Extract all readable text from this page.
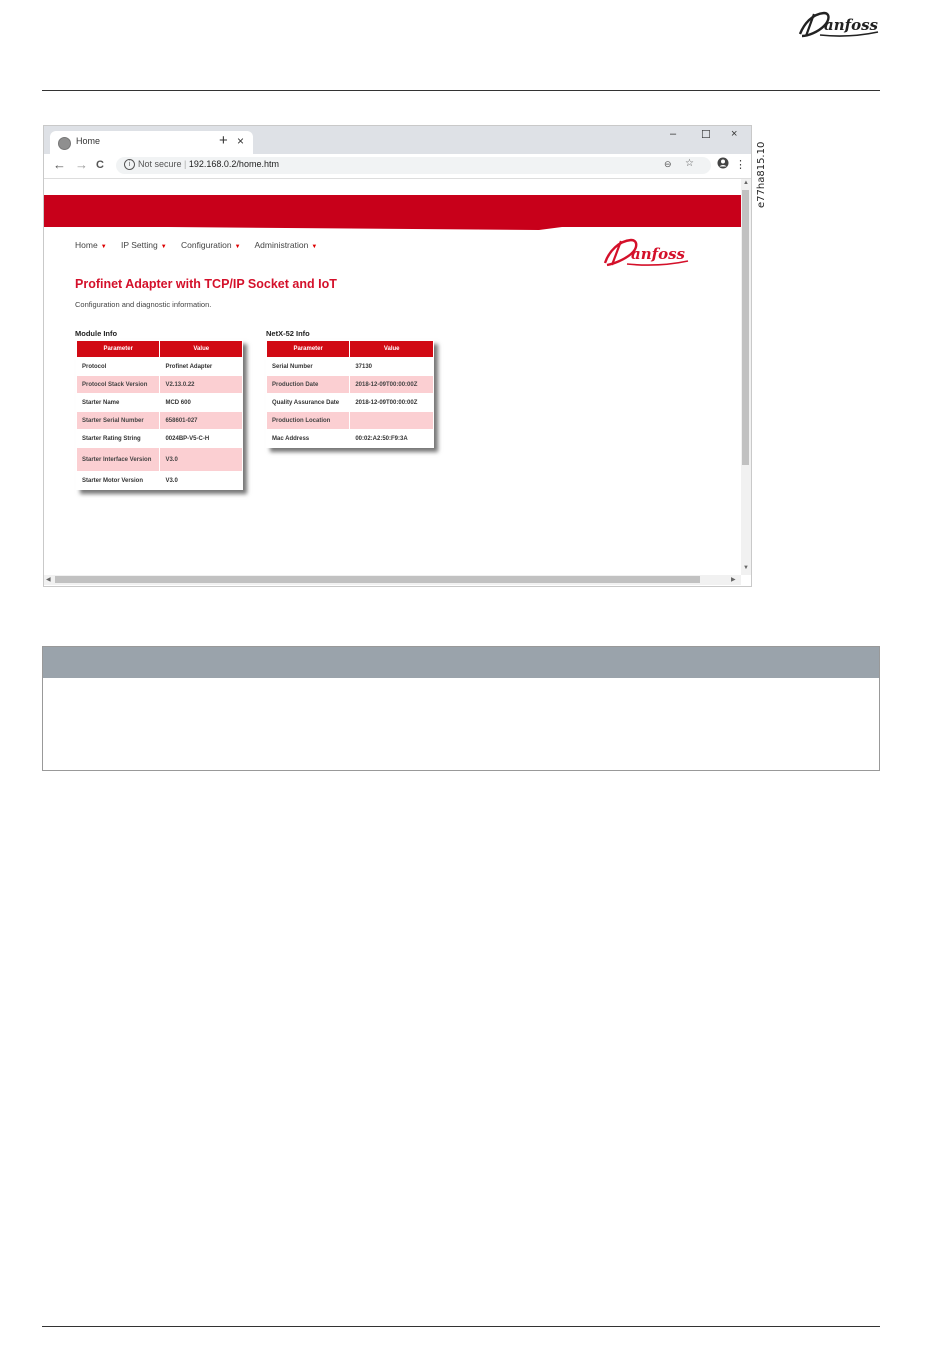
anfoss
Home	×
+	– ☐ ×
← → C	i Not secure | 192.168.0.2/home.htm	⊖ ☆	⋮
Home ▼ IP Setting ▼ Configuration ▼ Administration ▼	anfoss
Profinet Adapter with TCP/IP Socket and IoT
Configuration and diagnostic information.
Module Info
Parameter	Value
Protocol	Profinet Adapter
Protocol Stack Version	V2.13.0.22
Starter Name	MCD 600
Starter Serial Number	658601-027
Starter Rating String	0024BP-V5-C-H
Starter Interface Version	V3.0
Starter Motor Version	V3.0
NetX-52 Info
Parameter	Value
Serial Number	37130
Production Date	2018-12-09T00:00:00Z
Quality Assurance Date	2018-12-09T00:00:00Z
Production Location	
Mac Address	00:02:A2:50:F9:3A
▲
▼
◀	▶
e77ha815.10
